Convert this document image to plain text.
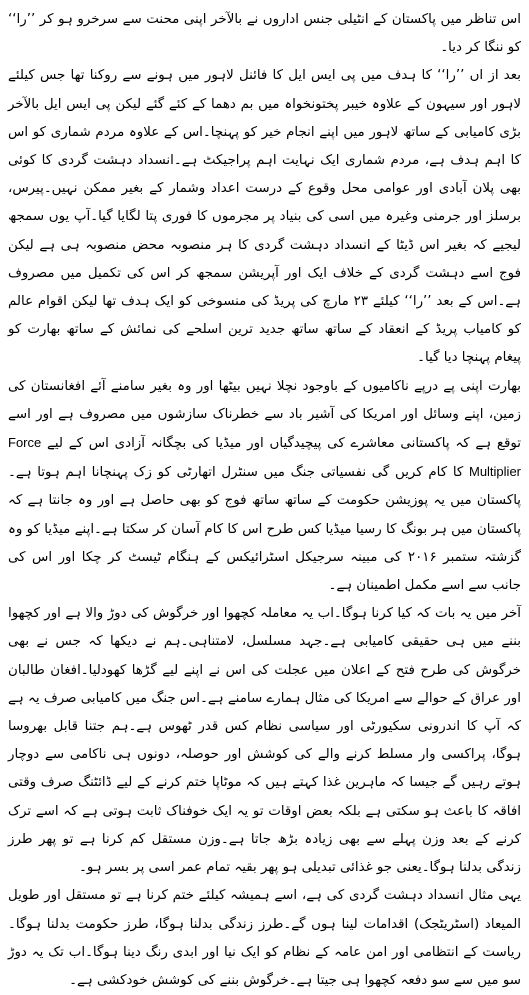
اس تناظر میں پاکستان کے انٹیلی جنس اداروں نے بالآخر اپنی محنت سے سرخرو ہو کر ’’را‘‘ کو ننگا کر دیا۔

بعد از اں ’’را‘‘ کا ہدف میں پی ایس ایل کا فائنل لاہور میں ہونے سے روکنا تھا جس کیلئے لاہور اور سیہون کے علاوہ خیبر پختونخواہ میں بم دھما کے کئے گئے لیکن پی ایس ایل بالآخر بڑی کامیابی کے ساتھ لاہور میں اپنے انجام خیر کو پہنچا۔اس کے علاوہ مردم شماری کو اس کا اہم ہدف ہے، مردم شماری ایک نہایت اہم پراجیکٹ ہے۔انسداد دہشت گردی کا کوئی بھی پلان آبادی اور عوامی محل وقوع کے درست اعداد وشمار کے بغیر ممکن نہیں۔پیرس، برسلز اور جرمنی وغیرہ میں اسی کی بنیاد پر مجرموں کا فوری پتا لگایا گیا۔آپ یوں سمجھ لیجیے کہ بغیر اس ڈیٹا کے انسداد دہشت گردی کا ہر منصوبہ محض منصوبہ ہی ہے لیکن فوج اسے دہشت گردی کے خلاف ایک اور آپریشن سمجھ کر اس کی تکمیل میں مصروف ہے۔اس کے بعد ’’را‘‘ کیلئے ۲۳ مارچ کی پریڈ کی منسوخی کو ایک ہدف تھا لیکن اقوام عالم کو کامیاب پریڈ کے انعقاد کے ساتھ ساتھ جدید ترین اسلحے کی نمائش کے ساتھ بھارت کو پیغام پہنچا دیا گیا۔

بھارت اپنی پے درپے ناکامیوں کے باوجود نچلا نہیں بیٹھا اور وہ بغیر سامنے آئے افغانستان کی زمین، اپنے وسائل اور امریکا کی آشیر باد سے خطرناک سازشوں میں مصروف ہے اور اسے توقع ہے کہ پاکستانی معاشرے کی پیچیدگیاں اور میڈیا کی بچگانہ آزادی اس کے لیے Force Multiplier کا کام کریں گی نفسیاتی جنگ میں سنٹرل اتھارٹی کو زک پہنچانا اہم ہوتا ہے۔پاکستان میں یہ پوزیشن حکومت کے ساتھ ساتھ فوج کو بھی حاصل ہے اور وہ جانتا ہے کہ پاکستان میں ہر بونگ کا رسیا میڈیا کس طرح اس کا کام آسان کر سکتا ہے۔اپنے میڈیا کو وہ گزشتہ ستمبر ۲۰۱۶ کی مبینہ سرجیکل اسٹرائیکس کے ہنگام ٹیسٹ کر چکا اور اس کی جانب سے اسے مکمل اطمینان ہے۔

آخر میں یہ بات کہ کیا کرنا ہوگا۔اب یہ معاملہ کچھوا اور خرگوش کی دوڑ والا ہے اور کچھوا بننے میں ہی حقیقی کامیابی ہے۔جہد مسلسل، لامتناہی۔ہم نے دیکھا کہ جس نے بھی خرگوش کی طرح فتح کے اعلان میں عجلت کی اس نے اپنے لیے گڑھا کھودلیا۔افغان طالبان اور عراق کے حوالے سے امریکا کی مثال ہمارے سامنے ہے۔اس جنگ میں کامیابی صرف یہ ہے کہ آپ کا اندرونی سکیورٹی اور سیاسی نظام کس قدر ٹھوس ہے۔ہم جتنا قابل بھروسا ہوگا، پراکسی وار مسلط کرنے والے کی کوشش اور حوصلہ، دونوں ہی ناکامی سے دوچار ہوتے رہیں گے جیسا کہ ماہرین غذا کہتے ہیں کہ موٹاپا ختم کرنے کے لیے ڈائٹنگ صرف وقتی افاقہ کا باعث ہو سکتی ہے بلکہ بعض اوقات تو یہ ایک خوفناک ثابت ہوتی ہے کہ اسے ترک کرنے کے بعد وزن پہلے سے بھی زیادہ بڑھ جاتا ہے۔وزن مستقل کم کرنا ہے تو پھر طرز زندگی بدلنا ہوگا۔یعنی جو غذائی تبدیلی ہو پھر بقیہ تمام عمر اسی پر بسر ہو۔

یہی مثال انسداد دہشت گردی کی ہے، اسے ہمیشہ کیلئے ختم کرنا ہے تو مستقل اور طویل المیعاد (اسٹریٹجک) اقدامات لینا ہوں گے۔طرز زندگی بدلنا ہوگا، طرز حکومت بدلنا ہوگا۔ریاست کے انتظامی اور امن عامہ کے نظام کو ایک نیا اور ابدی رنگ دینا ہوگا۔اب تک یہ دوڑ سو میں سے سو دفعہ کچھوا ہی جیتا ہے۔خرگوش بننے کی کوشش خودکشی ہے۔
